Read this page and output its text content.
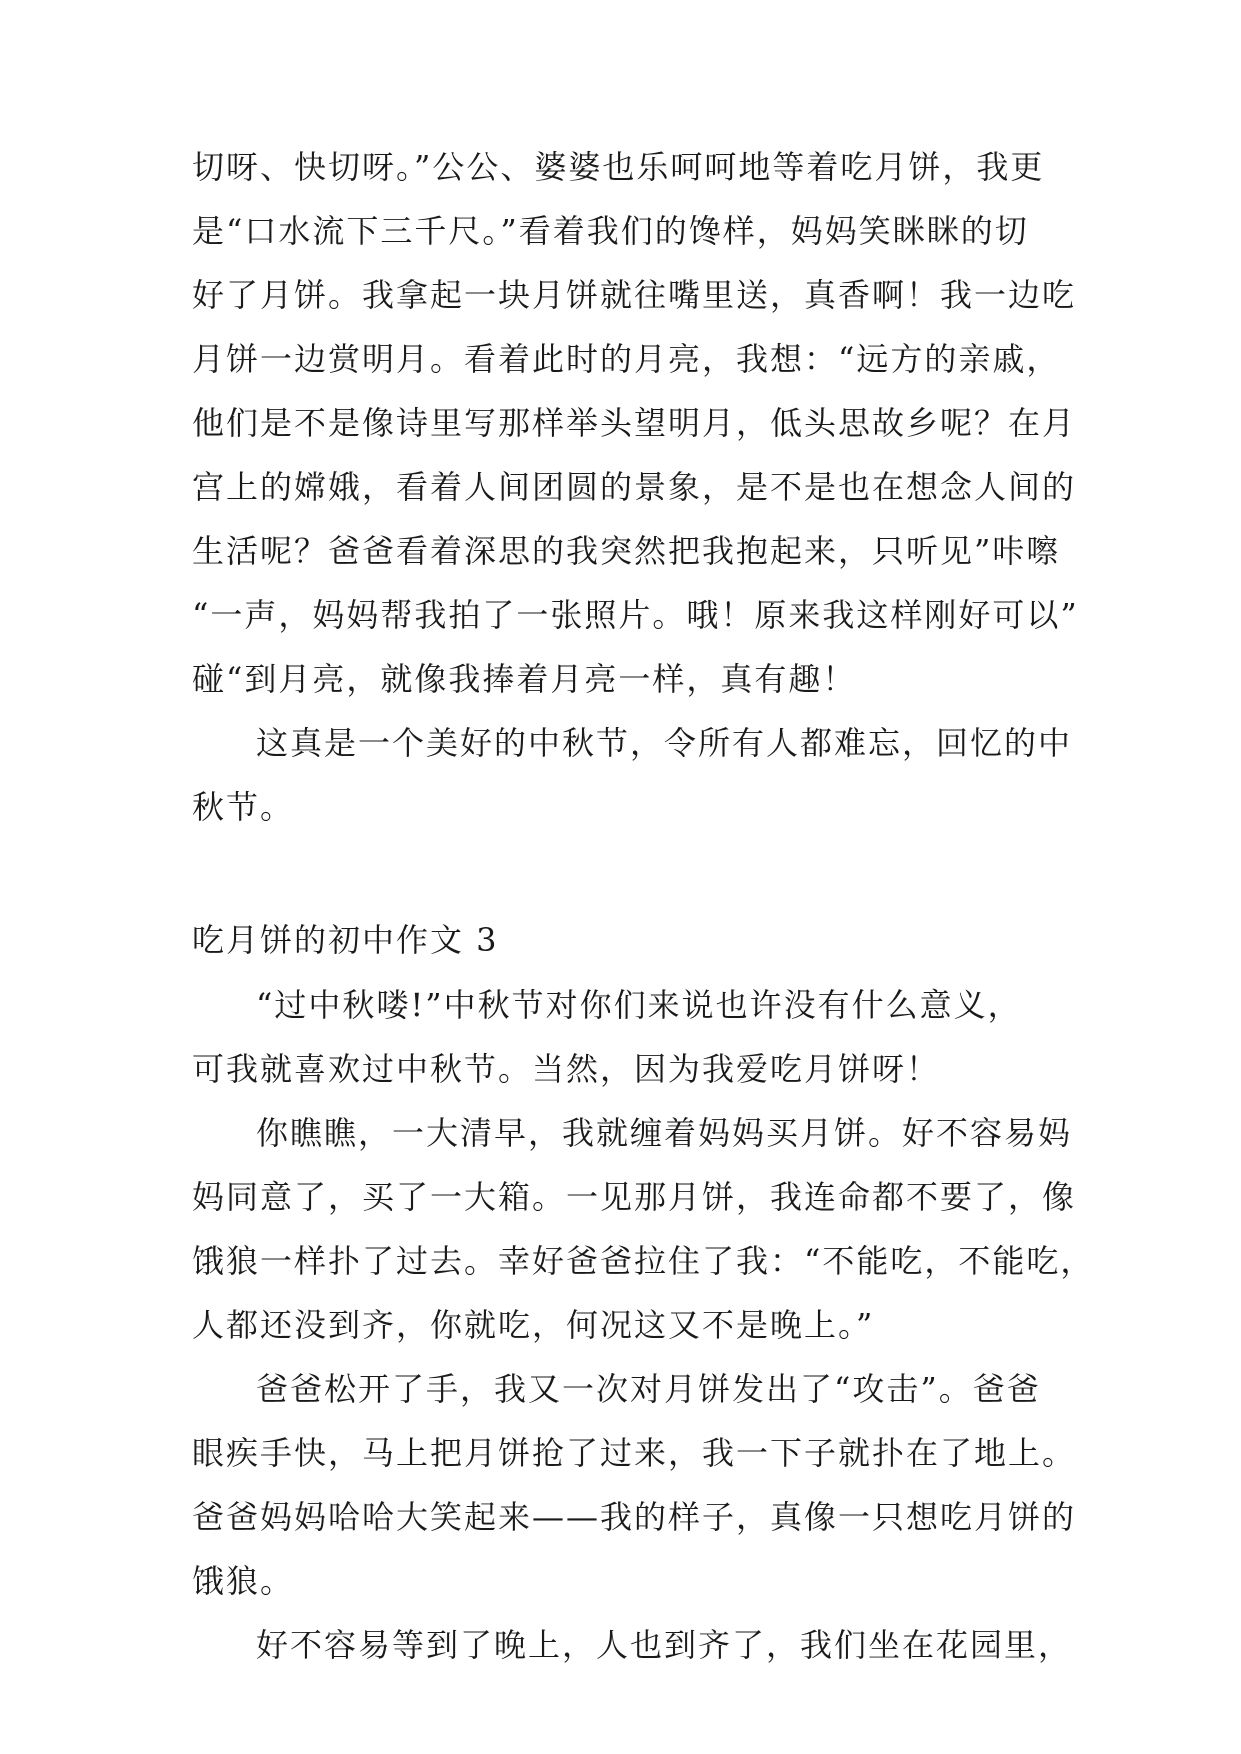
切呀、快切呀。”公公、婆婆也乐呵呵地等着吃月饼，我更
是“口水流下三千尺。”看着我们的馋样，妈妈笑眯眯的切
好了月饼。我拿起一块月饼就往嘴里送，真香啊！我一边吃
月饼一边赏明月。看着此时的月亮，我想：“远方的亲戚，
他们是不是像诗里写那样举头望明月，低头思故乡呢？在月
宫上的嫦娥，看着人间团圆的景象，是不是也在想念人间的
生活呢？爸爸看着深思的我突然把我抱起来，只听见”咔嚓
“一声，妈妈帮我拍了一张照片。哦！原来我这样刚好可以”
碰“到月亮，就像我捧着月亮一样，真有趣！
这真是一个美好的中秋节，令所有人都难忘，回忆的中
秋节。
吃月饼的初中作文 3
“过中秋喽!”中秋节对你们来说也许没有什么意义，
可我就喜欢过中秋节。当然，因为我爱吃月饼呀！
你瞧瞧，一大清早，我就缠着妈妈买月饼。好不容易妈
妈同意了，买了一大箱。一见那月饼，我连命都不要了，像
饿狼一样扑了过去。幸好爸爸拉住了我：“不能吃，不能吃，
人都还没到齐，你就吃，何况这又不是晚上。”
爸爸松开了手，我又一次对月饼发出了“攻击”。爸爸
眼疾手快，马上把月饼抢了过来，我一下子就扑在了地上。
爸爸妈妈哈哈大笑起来——我的样子，真像一只想吃月饼的
饿狼。
好不容易等到了晚上，人也到齐了，我们坐在花园里，
